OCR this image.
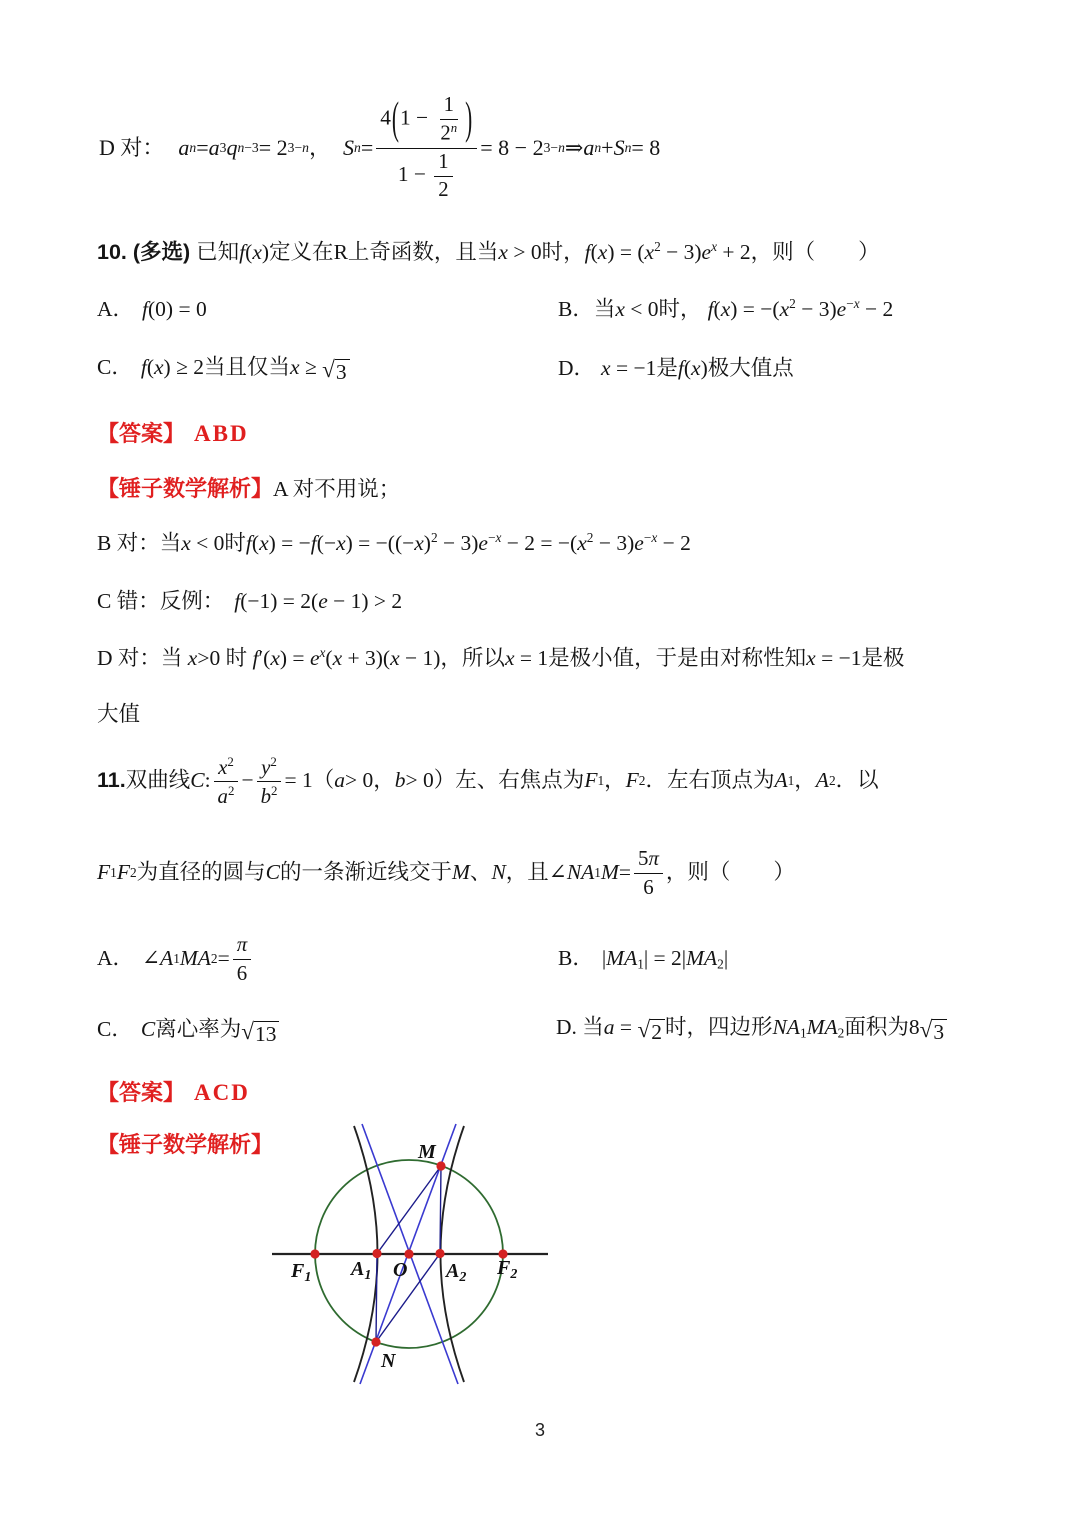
D 对： a n = a 3 q n−3 = 2 3−n ， S $n = \frac{4(1 - \frac{1}{2^n} )}{1 - \frac{1}{2}} = 8 - 2$ 3−n ⇒ a n + S n = 8
10. (多选) 已知f(x)定义在R上奇函数，且当x > 0时，$f(x) = (x^2 - 3)e^x + 2$，则（　　）
A． f(0) = 0	B．当x < 0时， $f(x) = -(x^2 - 3)e^{-x} - 2$
C． f(x) ≥ 2当且仅当x ≥ √ 3	D． x = −1是f(x)极大值点
【答案】 ABD
【锤子数学解析】A 对不用说；
B 对：当x < 0时$f(x) = -f(-x) = -((-x)^2 - 3)e^{-x} - 2 = -(x^2 - 3)e^{-x} - 2$
C 错：反例： f(−1) = 2(e − 1) > 2
D 对：当 x>0 时 $f'(x) = e^x(x + 3)(x - 1)$，所以x = 1是极小值，于是由对称性知x = −1是极
大值
11. 双曲线 C : $\frac{x^2}{a^2} - \frac{y^2}{b^2} = 1$ （ a > 0 ， b > 0 ）左、右焦点为 F 1 ， F 2 ．左右顶点为 A 1 ， A 2 ．以
F 1 F 2 为直径的圆与 C 的一条渐近线交于 M 、 N ，且 ∠ NA 1 $M = \frac{5\pi}{6}$ ，则（　　）
A． ∠ A 1 MA $2 = \frac{\pi}{6}$	B． $|MA_1| = 2|MA_2|$
C． C离心率为 √ 13	D. 当a = √ 2 时，四边形$NA_1MA_2$面积为8 √ 3
【答案】 ACD
【锤子数学解析】
$F_1$ $A_1$ O $A_2$ $F_2$
M
N
3
